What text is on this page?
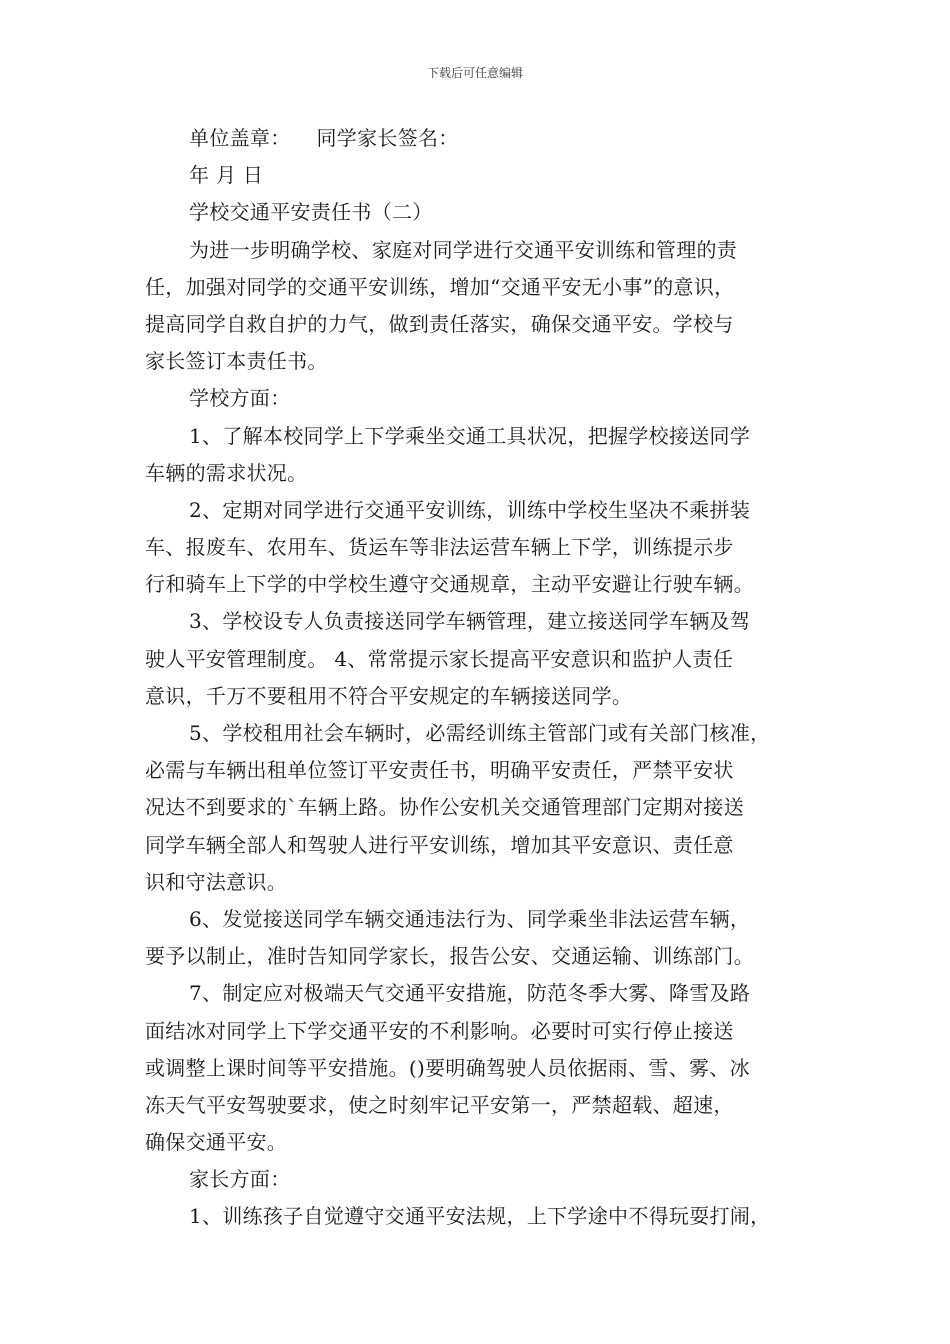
下载后可任意编辑
单位盖章： 同学家长签名：
年 月 日
学校交通平安责任书（二）
为进一步明确学校、家庭对同学进行交通平安训练和管理的责
任，加强对同学的交通平安训练，增加“交通平安无小事”的意识，
提高同学自救自护的力气，做到责任落实，确保交通平安。学校与
家长签订本责任书。
学校方面：
1、了解本校同学上下学乘坐交通工具状况，把握学校接送同学
车辆的需求状况。
2、定期对同学进行交通平安训练，训练中学校生坚决不乘拼装
车、报废车、农用车、货运车等非法运营车辆上下学，训练提示步
行和骑车上下学的中学校生遵守交通规章，主动平安避让行驶车辆。
3、学校设专人负责接送同学车辆管理，建立接送同学车辆及驾
驶人平安管理制度。 4、常常提示家长提高平安意识和监护人责任
意识，千万不要租用不符合平安规定的车辆接送同学。
5、学校租用社会车辆时，必需经训练主管部门或有关部门核准，
必需与车辆出租单位签订平安责任书，明确平安责任，严禁平安状
况达不到要求的`车辆上路。协作公安机关交通管理部门定期对接送
同学车辆全部人和驾驶人进行平安训练，增加其平安意识、责任意
识和守法意识。
6、发觉接送同学车辆交通违法行为、同学乘坐非法运营车辆，
要予以制止，准时告知同学家长，报告公安、交通运输、训练部门。
7、制定应对极端天气交通平安措施，防范冬季大雾、降雪及路
面结冰对同学上下学交通平安的不利影响。必要时可实行停止接送
或调整上课时间等平安措施。()要明确驾驶人员依据雨、雪、雾、冰
冻天气平安驾驶要求，使之时刻牢记平安第一，严禁超载、超速，
确保交通平安。
家长方面：
1、训练孩子自觉遵守交通平安法规，上下学途中不得玩耍打闹，
